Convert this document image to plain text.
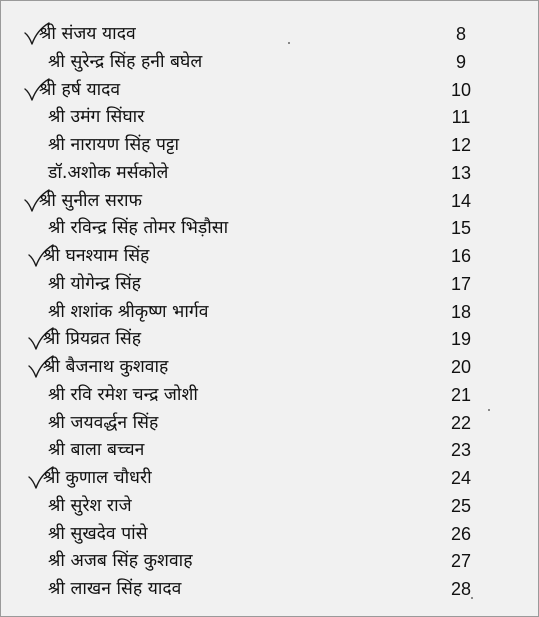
श्री संजय यादव	8
श्री सुरेन्द्र सिंह हनी बघेल	9
श्री हर्ष यादव	10
श्री उमंग सिंघार	11
श्री नारायण सिंह पट्टा	12
डॉ.अशोक मर्सकोले	13
श्री सुनील सराफ	14
श्री रविन्द्र सिंह तोमर भिड़ौसा	15
श्री घनश्याम सिंह	16
श्री योगेन्द्र सिंह	17
श्री शशांक श्रीकृष्ण भार्गव	18
श्री प्रियव्रत सिंह	19
श्री बैजनाथ कुशवाह	20
श्री रवि रमेश चन्द्र जोशी	21
श्री जयवर्द्धन सिंह	22
श्री बाला बच्चन	23
श्री कुणाल चौधरी	24
श्री सुरेश राजे	25
श्री सुखदेव पांसे	26
श्री अजब सिंह कुशवाह	27
श्री लाखन सिंह यादव	28
